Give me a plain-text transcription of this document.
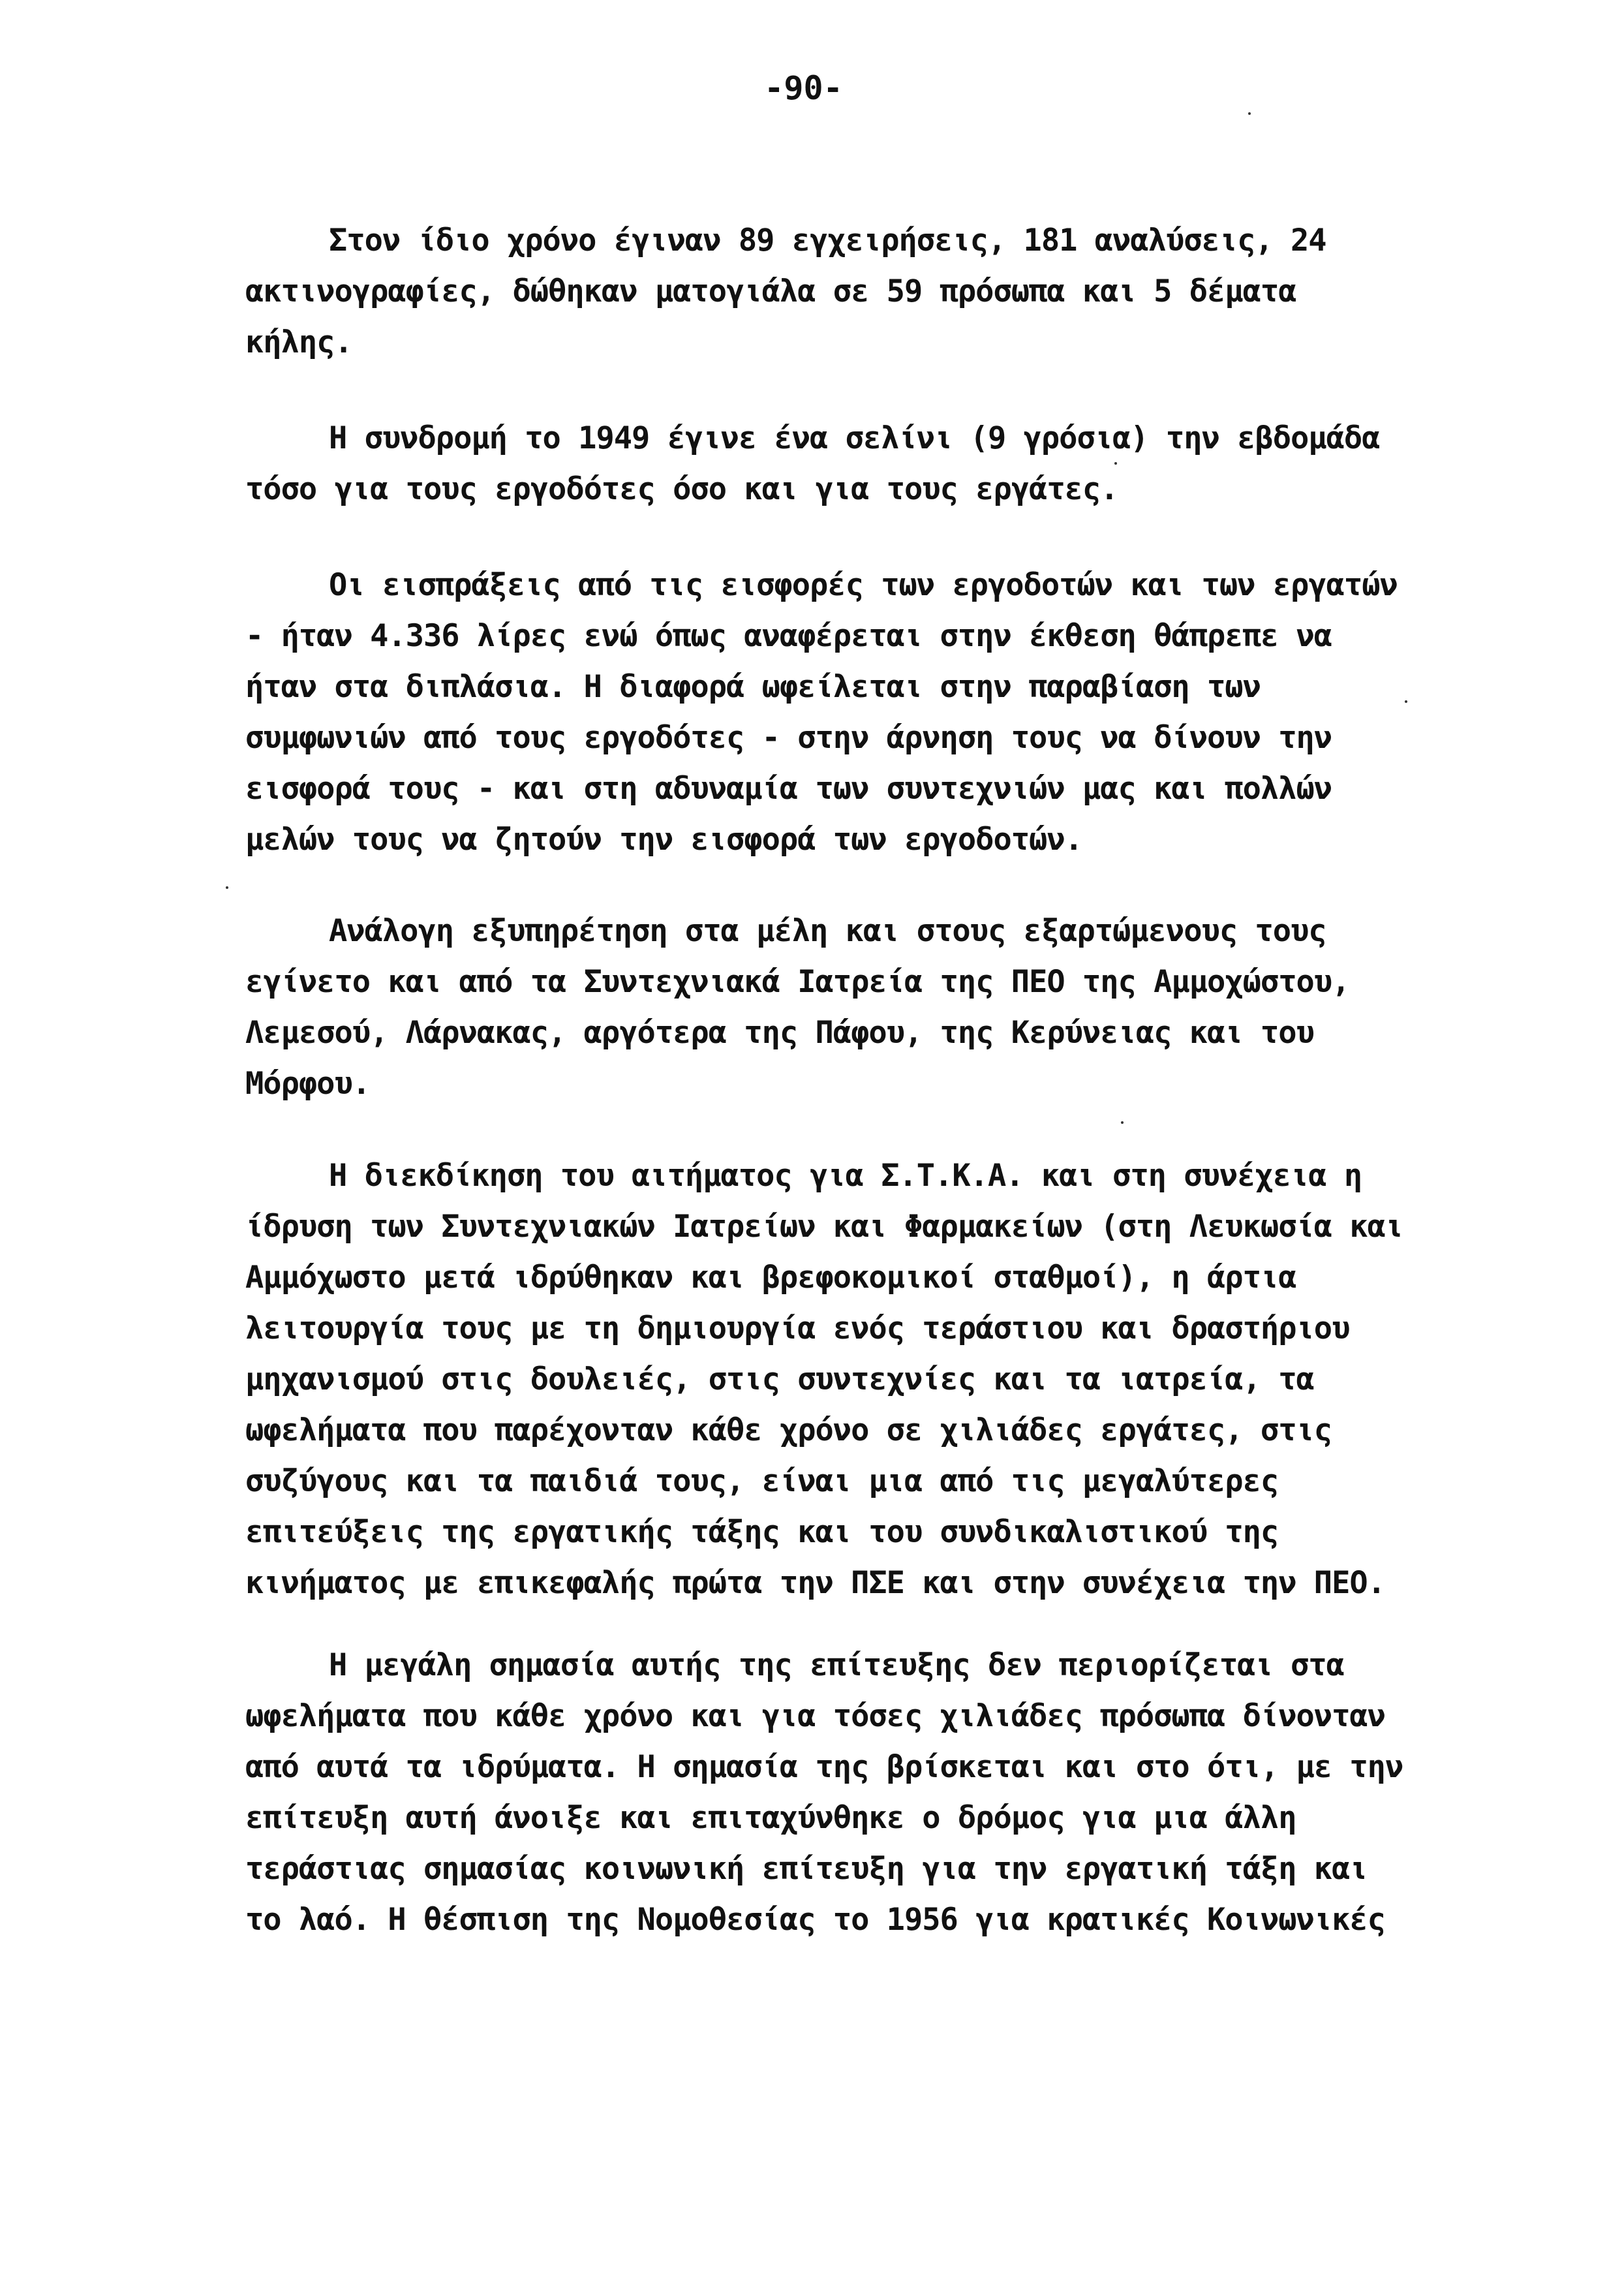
-90-
Στον ίδιο χρόνο έγιναν 89 εγχειρήσεις, 181 αναλύσεις, 24
ακτινογραφίες, δώθηκαν ματογιάλα σε 59 πρόσωπα και 5 δέματα
κήλης.
Η συνδρομή το 1949 έγινε ένα σελίνι (9 γρόσια) την εβδομάδα
τόσο για τους εργοδότες όσο και για τους εργάτες.
Οι εισπράξεις από τις εισφορές των εργοδοτών και των εργατών
- ήταν 4.336 λίρες ενώ όπως αναφέρεται στην έκθεση θάπρεπε να
ήταν στα διπλάσια. Η διαφορά ωφείλεται στην παραβίαση των
συμφωνιών από τους εργοδότες - στην άρνηση τους να δίνουν την
εισφορά τους - και στη αδυναμία των συντεχνιών μας και πολλών
μελών τους να ζητούν την εισφορά των εργοδοτών.
Ανάλογη εξυπηρέτηση στα μέλη και στους εξαρτώμενους τους
εγίνετο και από τα Συντεχνιακά Ιατρεία της ΠΕΟ της Αμμοχώστου,
Λεμεσού, Λάρνακας, αργότερα της Πάφου, της Κερύνειας και του
Μόρφου.
Η διεκδίκηση του αιτήματος για Σ.Τ.Κ.Α. και στη συνέχεια η
ίδρυση των Συντεχνιακών Ιατρείων και Φαρμακείων (στη Λευκωσία και
Αμμόχωστο μετά ιδρύθηκαν και βρεφοκομικοί σταθμοί), η άρτια
λειτουργία τους με τη δημιουργία ενός τεράστιου και δραστήριου
μηχανισμού στις δουλειές, στις συντεχνίες και τα ιατρεία, τα
ωφελήματα που παρέχονταν κάθε χρόνο σε χιλιάδες εργάτες, στις
συζύγους και τα παιδιά τους, είναι μια από τις μεγαλύτερες
επιτεύξεις της εργατικής τάξης και του συνδικαλιστικού της
κινήματος με επικεφαλής πρώτα την ΠΣΕ και στην συνέχεια την ΠΕΟ.
Η μεγάλη σημασία αυτής της επίτευξης δεν περιορίζεται στα
ωφελήματα που κάθε χρόνο και για τόσες χιλιάδες πρόσωπα δίνονταν
από αυτά τα ιδρύματα. Η σημασία της βρίσκεται και στο ότι, με την
επίτευξη αυτή άνοιξε και επιταχύνθηκε ο δρόμος για μια άλλη
τεράστιας σημασίας κοινωνική επίτευξη για την εργατική τάξη και
το λαό. Η θέσπιση της Νομοθεσίας το 1956 για κρατικές Κοινωνικές
